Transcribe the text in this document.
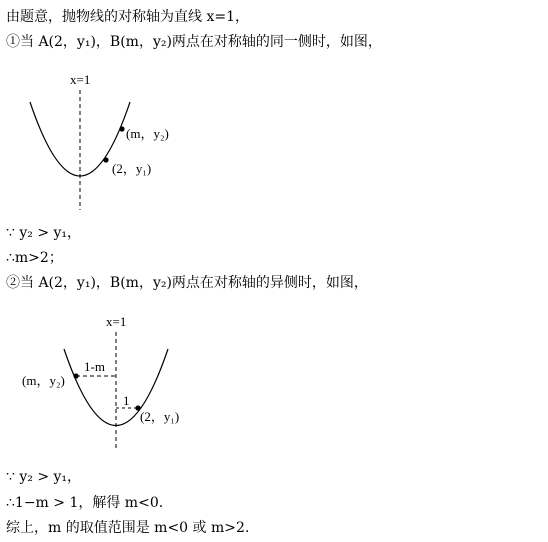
由题意，抛物线的对称轴为直线 x=1，
①当 A(2，y₁)，B(m，y₂)两点在对称轴的同一侧时，如图，
x=1
(m，y₂)
(2，y₁)
∵ y₂ > y₁，
∴m>2；
②当 A(2，y₁)，B(m，y₂)两点在对称轴的异侧时，如图，
x=1
1-m
1
(m，y₂)
(2，y₁)
∵ y₂ > y₁，
∴1−m > 1，解得 m<0.
综上，m 的取值范围是 m<0 或 m>2.
